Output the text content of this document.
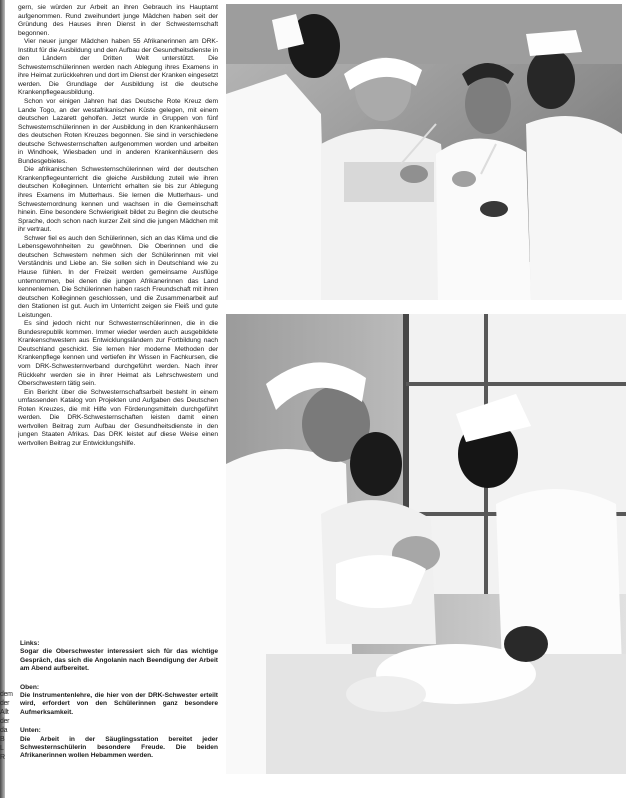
dem
der
Allt
der
da
B
L
R

gern, sie würden zur Arbeit an ihren Gebrauch ins Hauptamt aufgenommen. Rund zweihundert junge Mädchen haben seit der Gründung des Hauses ihren Dienst in der Schwesternschaft begonnen.

Vier neuer junger Mädchen haben 55 Afrikanerinnen am DRK-Institut für die Ausbildung und den Aufbau der Gesundheitsdienste in den Ländern der Dritten Welt unterstützt. Die Schwesternschülerinnen werden nach Ablegung ihres Examens in ihre Heimat zurückkehren und dort im Dienst der Kranken eingesetzt werden. Die Grundlage der Ausbildung ist die deutsche Krankenpflegeausbildung.

Schon vor einigen Jahren hat das Deutsche Rote Kreuz dem Lande Togo, an der westafrikanischen Küste gelegen, mit einem deutschen Lazarett geholfen. Jetzt wurde in Gruppen von fünf Schwesternschülerinnen in der Ausbildung in den Krankenhäusern des deutschen Roten Kreuzes begonnen. Sie sind in verschiedene deutsche Schwesternschaften aufgenommen worden und arbeiten in Windhoek, Wiesbaden und in anderen Krankenhäusern des Bundesgebietes.

Die afrikanischen Schwesternschülerinnen wird der deutschen Krankenpflegeunterricht die gleiche Ausbildung zuteil wie ihren deutschen Kolleginnen. Unterricht erhalten sie bis zur Ablegung ihres Examens im Mutterhaus. Sie lernen die Mutterhaus- und Schwesternordnung kennen und wachsen in die Gemeinschaft hinein. Eine besondere Schwierigkeit bildet zu Beginn die deutsche Sprache, doch schon nach kurzer Zeit sind die jungen Mädchen mit ihr vertraut.

Schwer fiel es auch den Schülerinnen, sich an das Klima und die Lebensgewohnheiten zu gewöhnen. Die Oberinnen und die deutschen Schwestern nehmen sich der Schülerinnen mit viel Verständnis und Liebe an. Sie sollen sich in Deutschland wie zu Hause fühlen. In der Freizeit werden gemeinsame Ausflüge unternommen, bei denen die jungen Afrikanerinnen das Land kennenlernen. Die Schülerinnen haben rasch Freundschaft mit ihren deutschen Kolleginnen geschlossen, und die Zusammenarbeit auf den Stationen ist gut. Auch im Unterricht zeigen sie Fleiß und gute Leistungen.

Es sind jedoch nicht nur Schwesternschülerinnen, die in die Bundesrepublik kommen. Immer wieder werden auch ausgebildete Krankenschwestern aus Entwicklungsländern zur Fortbildung nach Deutschland geschickt. Sie lernen hier moderne Methoden der Krankenpflege kennen und vertiefen ihr Wissen in Fachkursen, die vom DRK-Schwesternverband durchgeführt werden. Nach ihrer Rückkehr werden sie in ihrer Heimat als Lehrschwestern und Oberschwestern tätig sein.

Ein Bericht über die Schwesternschaftsarbeit besteht in einem umfassenden Katalog von Projekten und Aufgaben des Deutschen Roten Kreuzes, die mit Hilfe von Förderungsmitteln durchgeführt werden. Die DRK-Schwesternschaften leisten damit einen wertvollen Beitrag zum Aufbau der Gesundheitsdienste in den jungen Staaten Afrikas. Das DRK leistet auf diese Weise einen wertvollen Beitrag zur Entwicklungshilfe.

Links:
Sogar die Oberschwester interessiert sich für das wichtige Gespräch, das sich die Angolanin nach Beendigung der Arbeit am Abend aufbereitet.
Oben:
Die Instrumentenlehre, die hier von der DRK-Schwester erteilt wird, erfordert von den Schülerinnen ganz besondere Aufmerksamkeit.
Unten:
Die Arbeit in der Säuglingsstation bereitet jeder Schwesternschülerin besondere Freude. Die beiden Afrikanerinnen wollen Hebammen werden.
